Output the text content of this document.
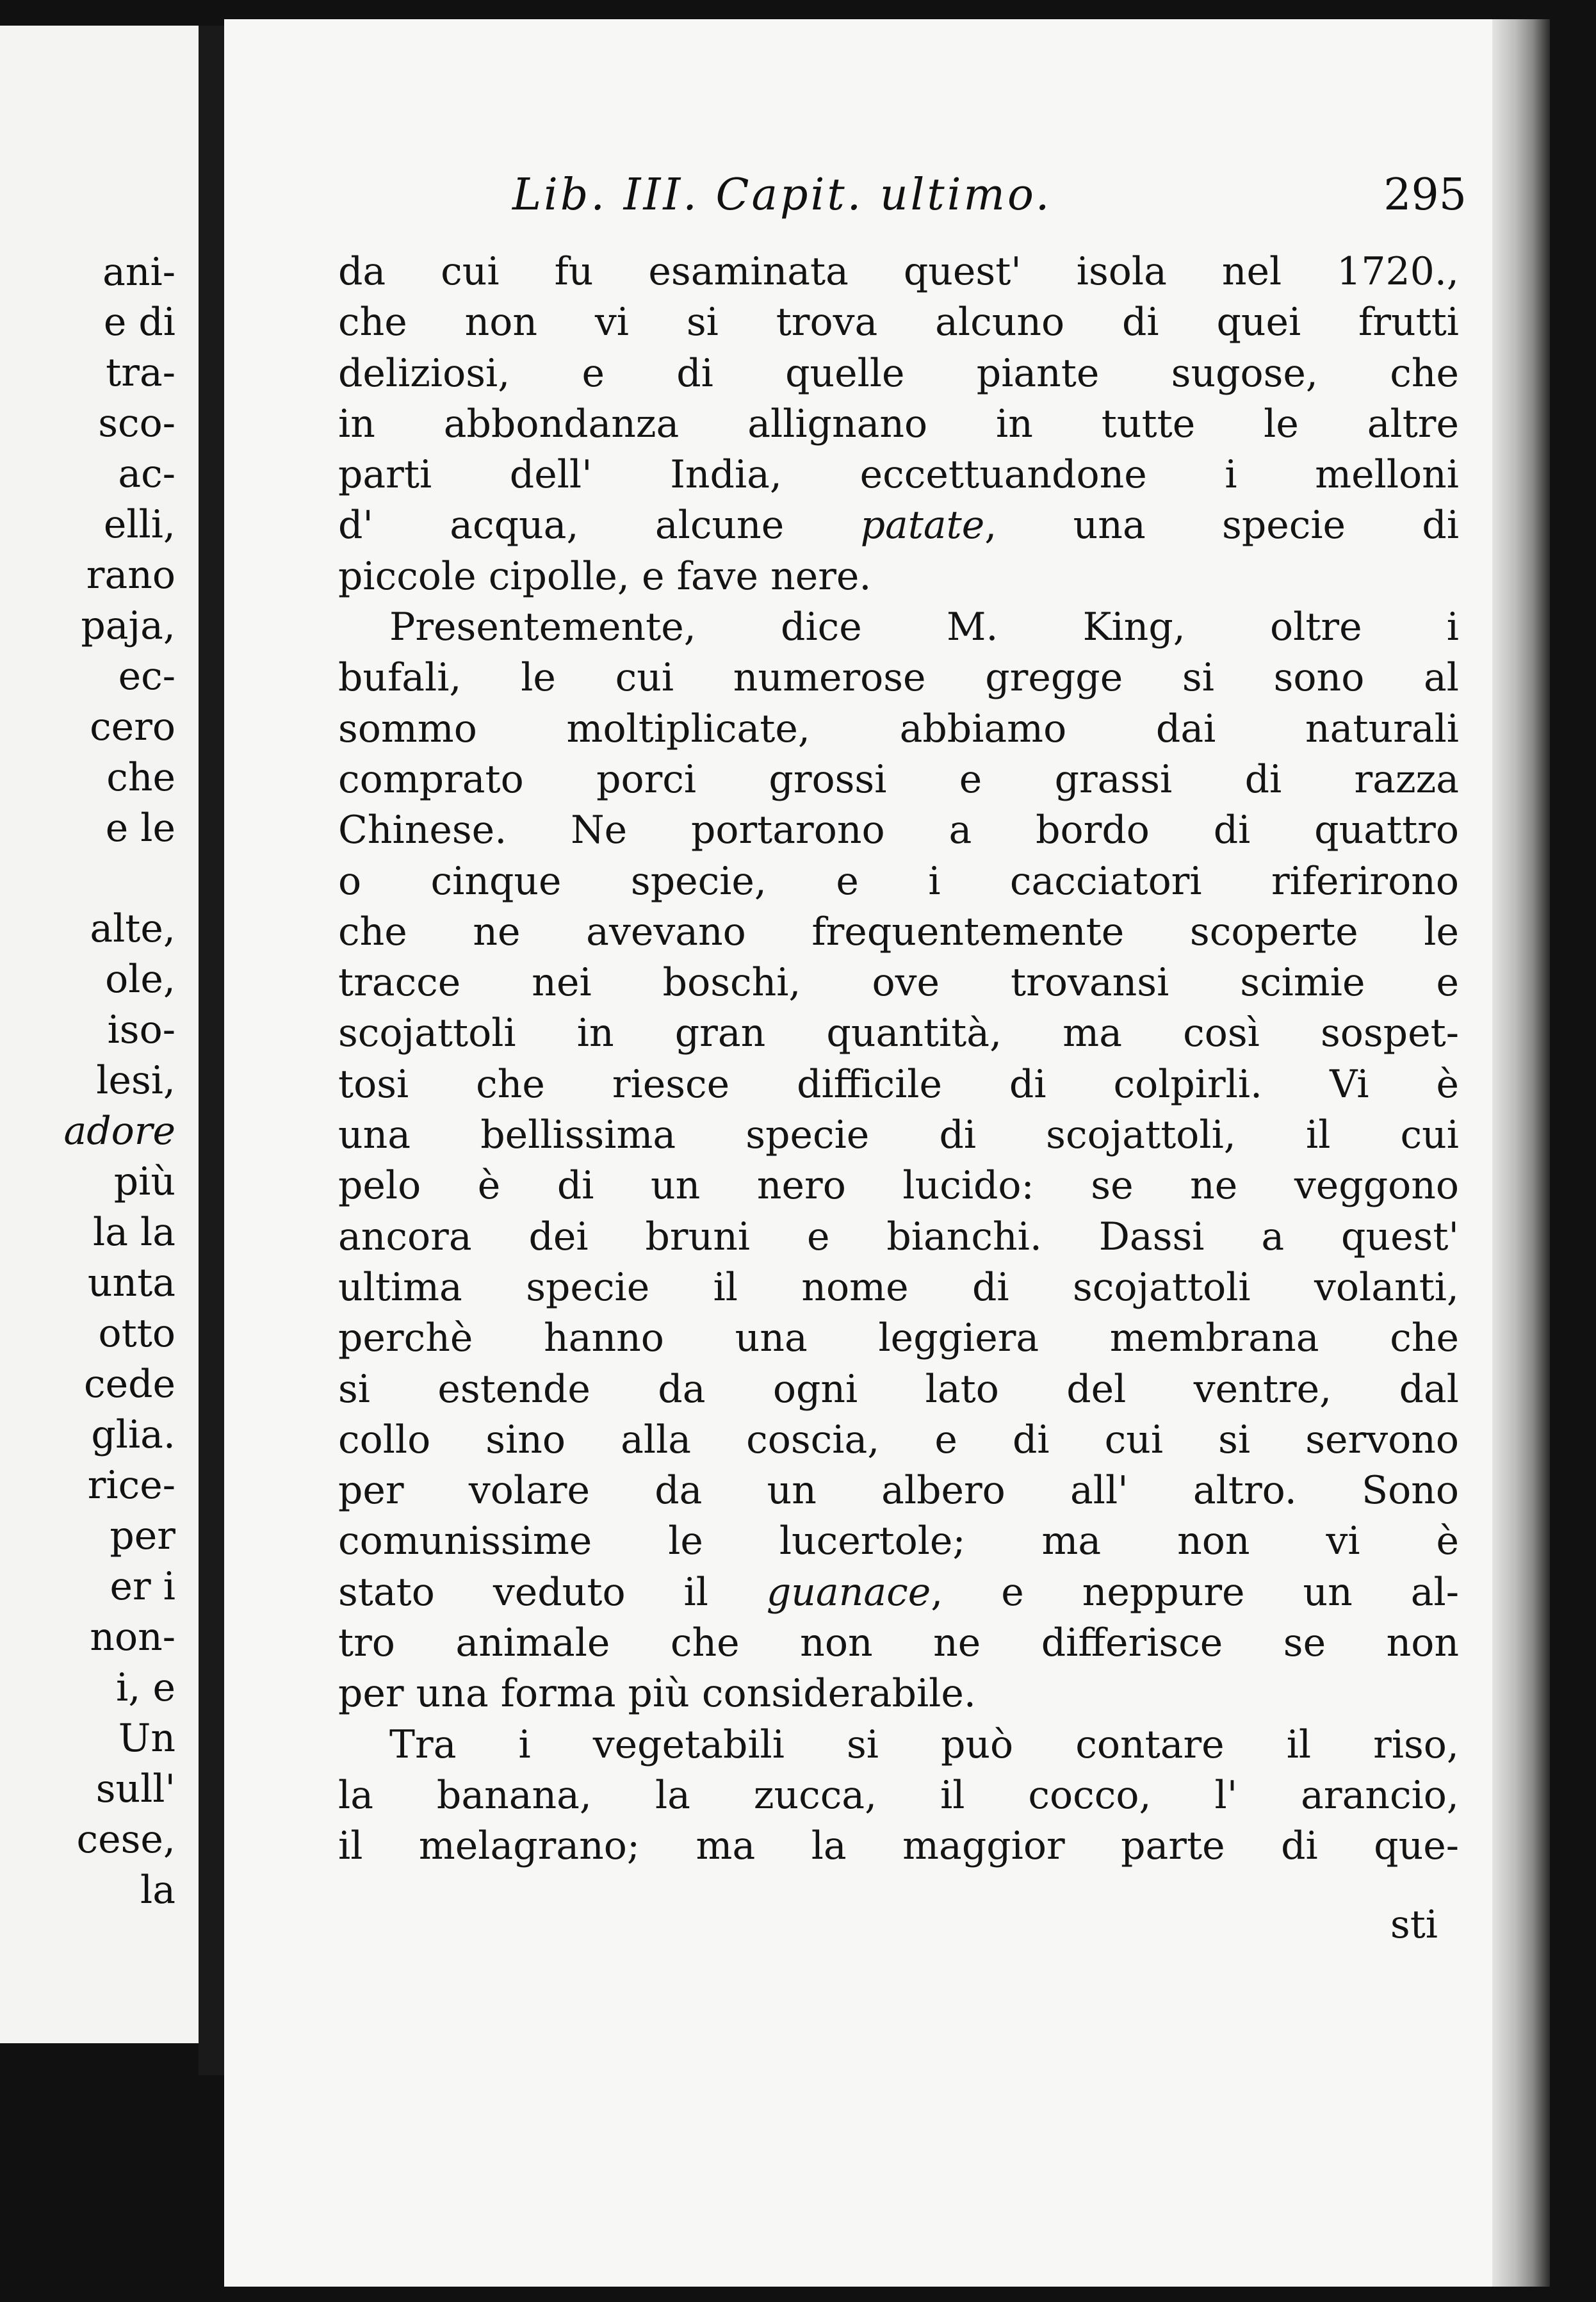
ani-

e di

tra-

sco-

ac-

elli,

rano

paja,

ec-

cero

che

e le

alte,

ole,

iso-

lesi,

adore

più

la la

unta

otto

cede

glia.

rice-

per

er i

non-

i, e

Un

sull'

cese,

la

Lib. III. Capit. ultimo.	295
da cui fu esaminata quest' isola nel 1720.,
che non vi si trova alcuno di quei frutti
deliziosi, e di quelle piante sugose, che
in abbondanza allignano in tutte le altre
parti dell' India, eccettuandone i melloni
d' acqua, alcune patate, una specie di
piccole cipolle, e fave nere.
Presentemente, dice M. King, oltre i
bufali, le cui numerose gregge si sono al
sommo moltiplicate, abbiamo dai naturali
comprato porci grossi e grassi di razza
Chinese. Ne portarono a bordo di quattro
o cinque specie, e i cacciatori riferirono
che ne avevano frequentemente scoperte le
tracce nei boschi, ove trovansi scimie e
scojattoli in gran quantità, ma così sospet-
tosi che riesce difficile di colpirli. Vi è
una bellissima specie di scojattoli, il cui
pelo è di un nero lucido: se ne veggono
ancora dei bruni e bianchi. Dassi a quest'
ultima specie il nome di scojattoli volanti,
perchè hanno una leggiera membrana che
si estende da ogni lato del ventre, dal
collo sino alla coscia, e di cui si servono
per volare da un albero all' altro. Sono
comunissime le lucertole; ma non vi è
stato veduto il guanace, e neppure un al-
tro animale che non ne differisce se non
per una forma più considerabile.
Tra i vegetabili si può contare il riso,
la banana, la zucca, il cocco, l' arancio,
il melagrano; ma la maggior parte di que-
sti
